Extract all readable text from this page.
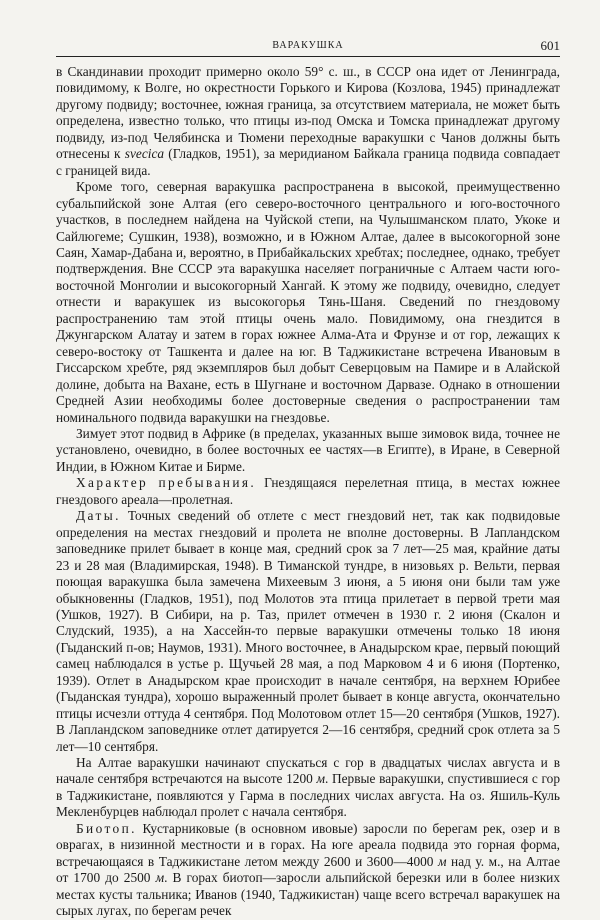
ВАРАКУШКА	601

в Скандинавии проходит примерно около 59° с. ш., в СССР она идет от Ленинграда, повидимому, к Волге, но окрестности Горького и Кирова (Козлова, 1945) принадлежат другому подвиду; восточнее, южная граница, за отсутствием материала, не может быть определена, известно только, что птицы из-под Омска и Томска принадлежат другому подвиду, из-под Челябинска и Тюмени переходные варакушки с Чанов должны быть отнесены к svecica (Гладков, 1951), за меридианом Байкала граница подвида совпадает с границей вида.

Кроме того, северная варакушка распространена в высокой, преимущественно субальпийской зоне Алтая (его северо-восточного центрального и юго-восточного участков, в последнем найдена на Чуйской степи, на Чулышманском плато, Укоке и Сайлюгеме; Сушкин, 1938), возможно, и в Южном Алтае, далее в высокогорной зоне Саян, Хамар-Дабана и, вероятно, в Прибайкальских хребтах; последнее, однако, требует подтверждения. Вне СССР эта варакушка населяет пограничные с Алтаем части юго-восточной Монголии и высокогорный Хангай. К этому же подвиду, очевидно, следует отнести и варакушек из высокогорья Тянь-Шаня. Сведений по гнездовому распространению там этой птицы очень мало. Повидимому, она гнездится в Джунгарском Алатау и затем в горах южнее Алма-Ата и Фрунзе и от гор, лежащих к северо-востоку от Ташкента и далее на юг. В Таджикистане встречена Ивановым в Гиссарском хребте, ряд экземпляров был добыт Северцовым на Памире и в Алайской долине, добыта на Вахане, есть в Шугнане и восточном Дарвазе. Однако в отношении Средней Азии необходимы более достоверные сведения о распространении там номинального подвида варакушки на гнездовье.

Зимует этот подвид в Африке (в пределах, указанных выше зимовок вида, точнее не установлено, очевидно, в более восточных ее частях—в Египте), в Иране, в Северной Индии, в Южном Китае и Бирме.

Характер пребывания. Гнездящаяся перелетная птица, в местах южнее гнездового ареала—пролетная.

Даты. Точных сведений об отлете с мест гнездовий нет, так как подвидовые определения на местах гнездовий и пролета не вполне достоверны. В Лапландском заповеднике прилет бывает в конце мая, средний срок за 7 лет—25 мая, крайние даты 23 и 28 мая (Владимирская, 1948). В Тиманской тундре, в низовьях р. Вельти, первая поющая варакушка была замечена Михеевым 3 июня, а 5 июня они были там уже обыкновенны (Гладков, 1951), под Молотов эта птица прилетает в первой трети мая (Ушков, 1927). В Сибири, на р. Таз, прилет отмечен в 1930 г. 2 июня (Скалон и Слудский, 1935), а на Хассейн-то первые варакушки отмечены только 18 июня (Гыданский п-ов; Наумов, 1931). Много восточнее, в Анадырском крае, первый поющий самец наблюдался в устье р. Щучьей 28 мая, а под Марковом 4 и 6 июня (Портенко, 1939). Отлет в Анадырском крае происходит в начале сентября, на верхнем Юрибее (Гыданская тундра), хорошо выраженный пролет бывает в конце августа, окончательно птицы исчезли оттуда 4 сентября. Под Молотовом отлет 15—20 сентября (Ушков, 1927). В Лапландском заповеднике отлет датируется 2—16 сентября, средний срок отлета за 5 лет—10 сентября.

На Алтае варакушки начинают спускаться с гор в двадцатых числах августа и в начале сентября встречаются на высоте 1200 м. Первые варакушки, спустившиеся с гор в Таджикистане, появляются у Гарма в последних числах августа. На оз. Яшиль-Куль Мекленбурцев наблюдал пролет с начала сентября.

Биотоп. Кустарниковые (в основном ивовые) заросли по берегам рек, озер и в оврагах, в низинной местности и в горах. На юге ареала подвида это горная форма, встречающаяся в Таджикистане летом между 2600 и 3600—4000 м над у. м., на Алтае от 1700 до 2500 м. В горах биотоп—заросли альпийской березки или в более низких местах кусты тальника; Иванов (1940, Таджикистан) чаще всего встречал варакушек на сырых лугах, по берегам речек
